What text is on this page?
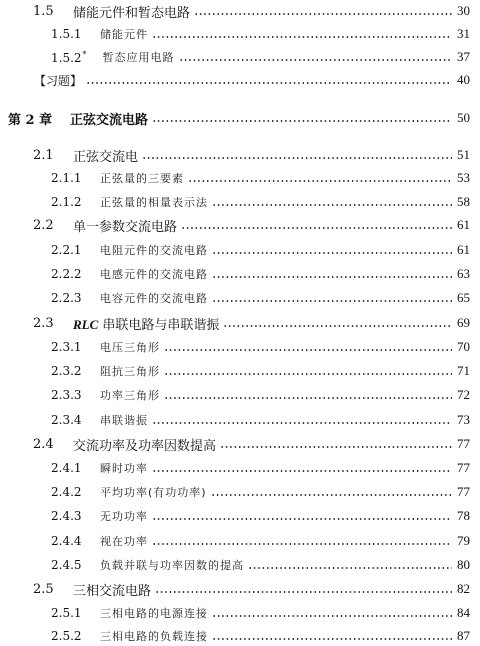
1.5	储能元件和暂态电路	30
1.5.1	储能元件	31
1.5.2* 暂态应用电路	37
【习题】	40
第 2 章	正弦交流电路	50
2.1	正弦交流电	51
2.1.1	正弦量的三要素	53
2.1.2	正弦量的相量表示法	58
2.2	单一参数交流电路	61
2.2.1	电阻元件的交流电路	61
2.2.2	电感元件的交流电路	63
2.2.3	电容元件的交流电路	65
2.3	RLC 串联电路与串联谐振	69
2.3.1	电压三角形	70
2.3.2	阻抗三角形	71
2.3.3	功率三角形	72
2.3.4	串联谐振	73
2.4	交流功率及功率因数提高	77
2.4.1	瞬时功率	77
2.4.2	平均功率(有功功率)	77
2.4.3	无功功率	78
2.4.4	视在功率	79
2.4.5	负载并联与功率因数的提高	80
2.5	三相交流电路	82
2.5.1	三相电路的电源连接	84
2.5.2	三相电路的负载连接	87
